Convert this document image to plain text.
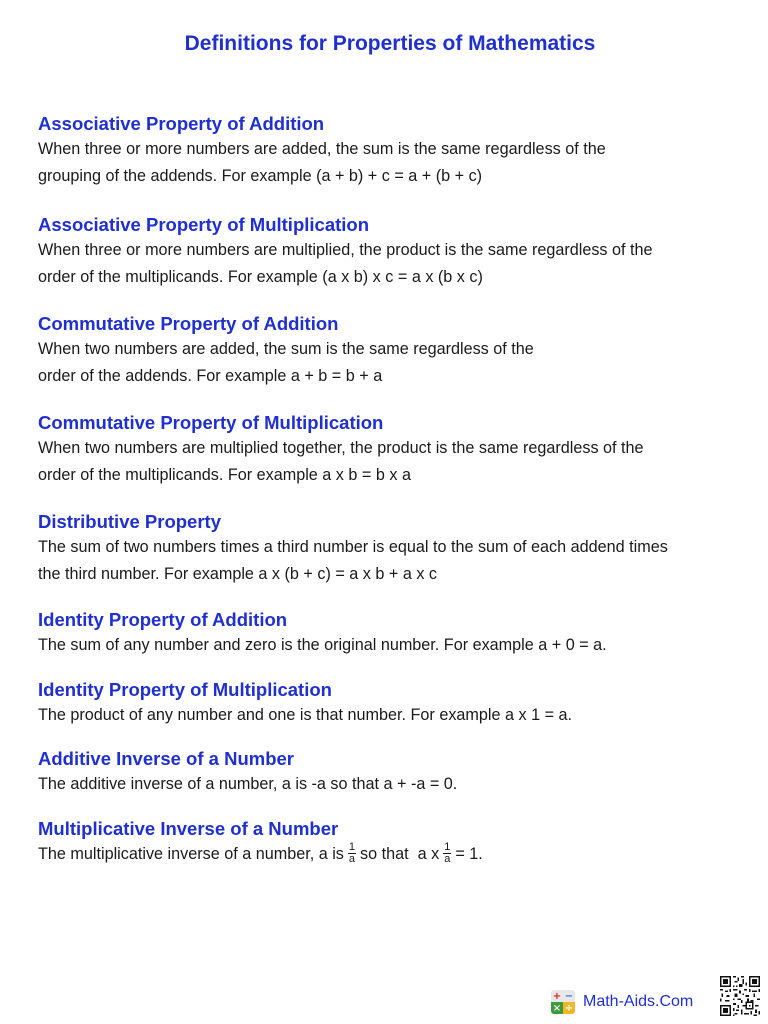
Definitions for Properties of Mathematics
Associative Property of Addition
When three or more numbers are added, the sum is the same regardless of the
grouping of the addends. For example (a + b) + c = a + (b + c)
Associative Property of Multiplication
When three or more numbers are multiplied, the product is the same regardless of the
order of the multiplicands. For example (a x b) x c = a x (b x c)
Commutative Property of Addition
When two numbers are added, the sum is the same regardless of the
order of the addends. For example a + b = b + a
Commutative Property of Multiplication
When two numbers are multiplied together, the product is the same regardless of the
order of the multiplicands. For example a x b = b x a
Distributive Property
The sum of two numbers times a third number is equal to the sum of each addend times
the third number. For example a x (b + c) = a x b + a x c
Identity Property of Addition
The sum of any number and zero is the original number. For example a + 0 = a.
Identity Property of Multiplication
The product of any number and one is that number. For example a x 1 = a.
Additive Inverse of a Number
The additive inverse of a number, a is -a so that a + -a = 0.
Multiplicative Inverse of a Number
The multiplicative inverse of a number, a is $\frac{1}{a}$ so that  a x $\frac{1}{a} = 1$.
+ −
× ÷ Math-Aids.Com
